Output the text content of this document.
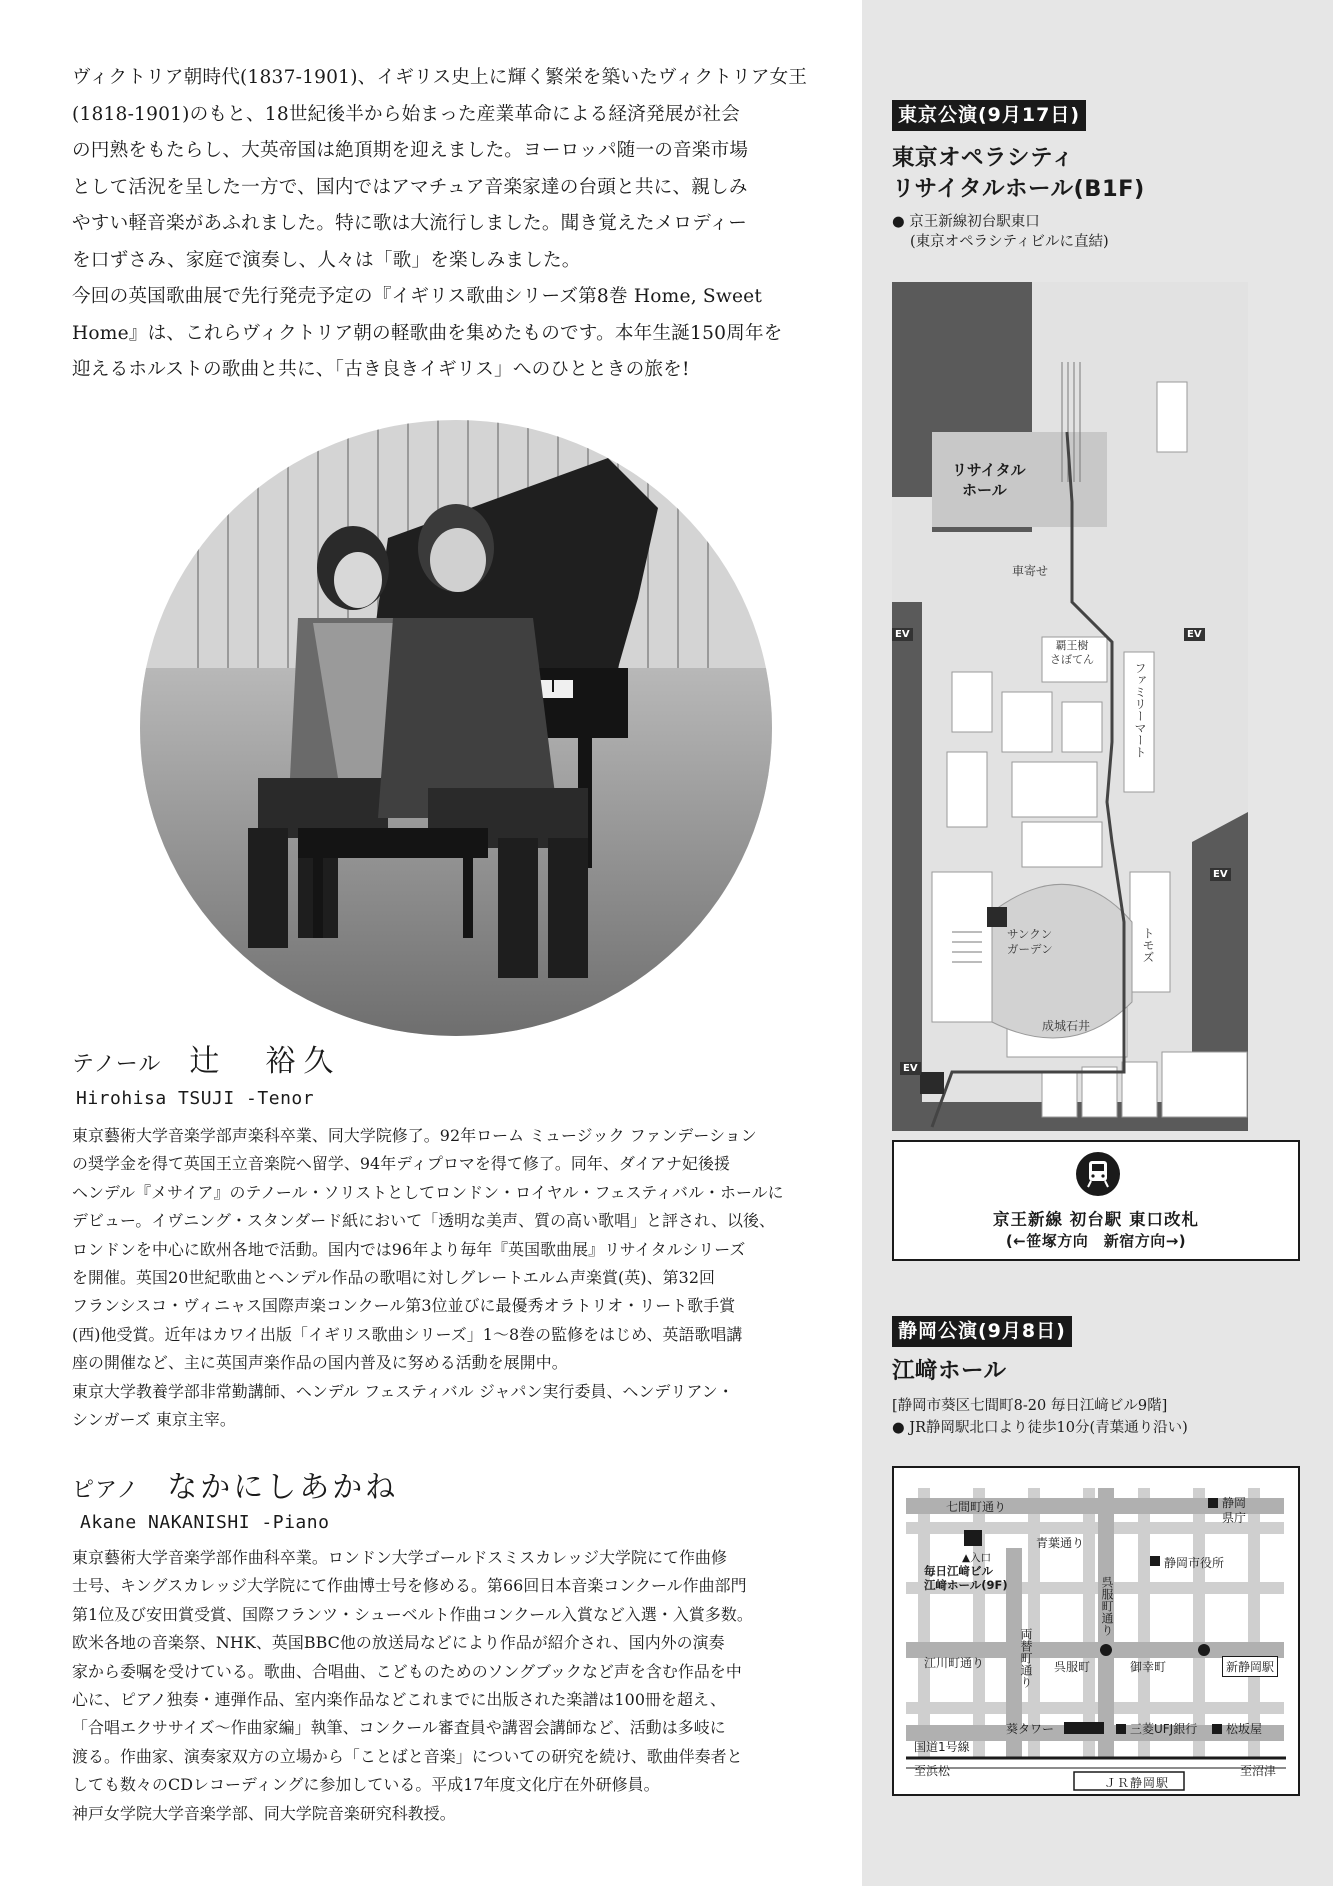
ヴィクトリア朝時代(1837-1901)、イギリス史上に輝く繁栄を築いたヴィクトリア女王

(1818-1901)のもと、18世紀後半から始まった産業革命による経済発展が社会

の円熟をもたらし、大英帝国は絶頂期を迎えました。ヨーロッパ随一の音楽市場

として活況を呈した一方で、国内ではアマチュア音楽家達の台頭と共に、親しみ

やすい軽音楽があふれました。特に歌は大流行しました。聞き覚えたメロディー

を口ずさみ、家庭で演奏し、人々は「歌」を楽しみました。

今回の英国歌曲展で先行発売予定の『イギリス歌曲シリーズ第8巻 Home, Sweet

Home』は、これらヴィクトリア朝の軽歌曲を集めたものです。本年生誕150周年を

迎えるホルストの歌曲と共に、「古き良きイギリス」へのひとときの旅を!

テノール 辻　裕久
Hirohisa TSUJI -Tenor

東京藝術大学音楽学部声楽科卒業、同大学院修了。92年ローム ミュージック ファンデーション

の奨学金を得て英国王立音楽院へ留学、94年ディプロマを得て修了。同年、ダイアナ妃後援

ヘンデル『メサイア』のテノール・ソリストとしてロンドン・ロイヤル・フェスティバル・ホールに

デビュー。イヴニング・スタンダード紙において「透明な美声、質の高い歌唱」と評され、以後、

ロンドンを中心に欧州各地で活動。国内では96年より毎年『英国歌曲展』リサイタルシリーズ

を開催。英国20世紀歌曲とヘンデル作品の歌唱に対しグレートエルム声楽賞(英)、第32回

フランシスコ・ヴィニャス国際声楽コンクール第3位並びに最優秀オラトリオ・リート歌手賞

(西)他受賞。近年はカワイ出版「イギリス歌曲シリーズ」1〜8巻の監修をはじめ、英語歌唱講

座の開催など、主に英国声楽作品の国内普及に努める活動を展開中。

東京大学教養学部非常勤講師、ヘンデル フェスティバル ジャパン実行委員、ヘンデリアン・

シンガーズ 東京主宰。

ピアノ なかにしあかね
Akane NAKANISHI -Piano

東京藝術大学音楽学部作曲科卒業。ロンドン大学ゴールドスミスカレッジ大学院にて作曲修

士号、キングスカレッジ大学院にて作曲博士号を修める。第66回日本音楽コンクール作曲部門

第1位及び安田賞受賞、国際フランツ・シューベルト作曲コンクール入賞など入選・入賞多数。

欧米各地の音楽祭、NHK、英国BBC他の放送局などにより作品が紹介され、国内外の演奏

家から委嘱を受けている。歌曲、合唱曲、こどものためのソングブックなど声を含む作品を中

心に、ピアノ独奏・連弾作品、室内楽作品などこれまでに出版された楽譜は100冊を超え、

「合唱エクササイズ〜作曲家編」執筆、コンクール審査員や講習会講師など、活動は多岐に

渡る。作曲家、演奏家双方の立場から「ことばと音楽」についての研究を続け、歌曲伴奏者と

しても数々のCDレコーディングに参加している。平成17年度文化庁在外研修員。

神戸女学院大学音楽学部、同大学院音楽研究科教授。

東京公演(9月17日)
東京オペラシティ
リサイタルホール(B1F)
● 京王新線初台駅東口
(東京オペラシティビルに直結)
リサイタル
ホール
車寄せ
EV	EV
EV
EV
覇王樹
さぼてん
ファミリーマート
サンクン
ガーデン	トモズ
成城石井
京王新線 初台駅 東口改札
(←笹塚方向　新宿方向→)
静岡公演(9月8日)
江﨑ホール
[静岡市葵区七間町8-20 毎日江﨑ビル9階]
● JR静岡駅北口より徒歩10分(青葉通り沿い)
七間町通り
青葉通り
静岡
県庁
静岡市役所
▲入口
毎日江﨑ビル
江﨑ホール(9F)	呉服町通り
両替町通り
江川町通り	呉服町	御幸町	新静岡駅
葵タワー	三菱UFJ銀行 松坂屋
国道1号線
至浜松	至沼津
ＪＲ静岡駅
